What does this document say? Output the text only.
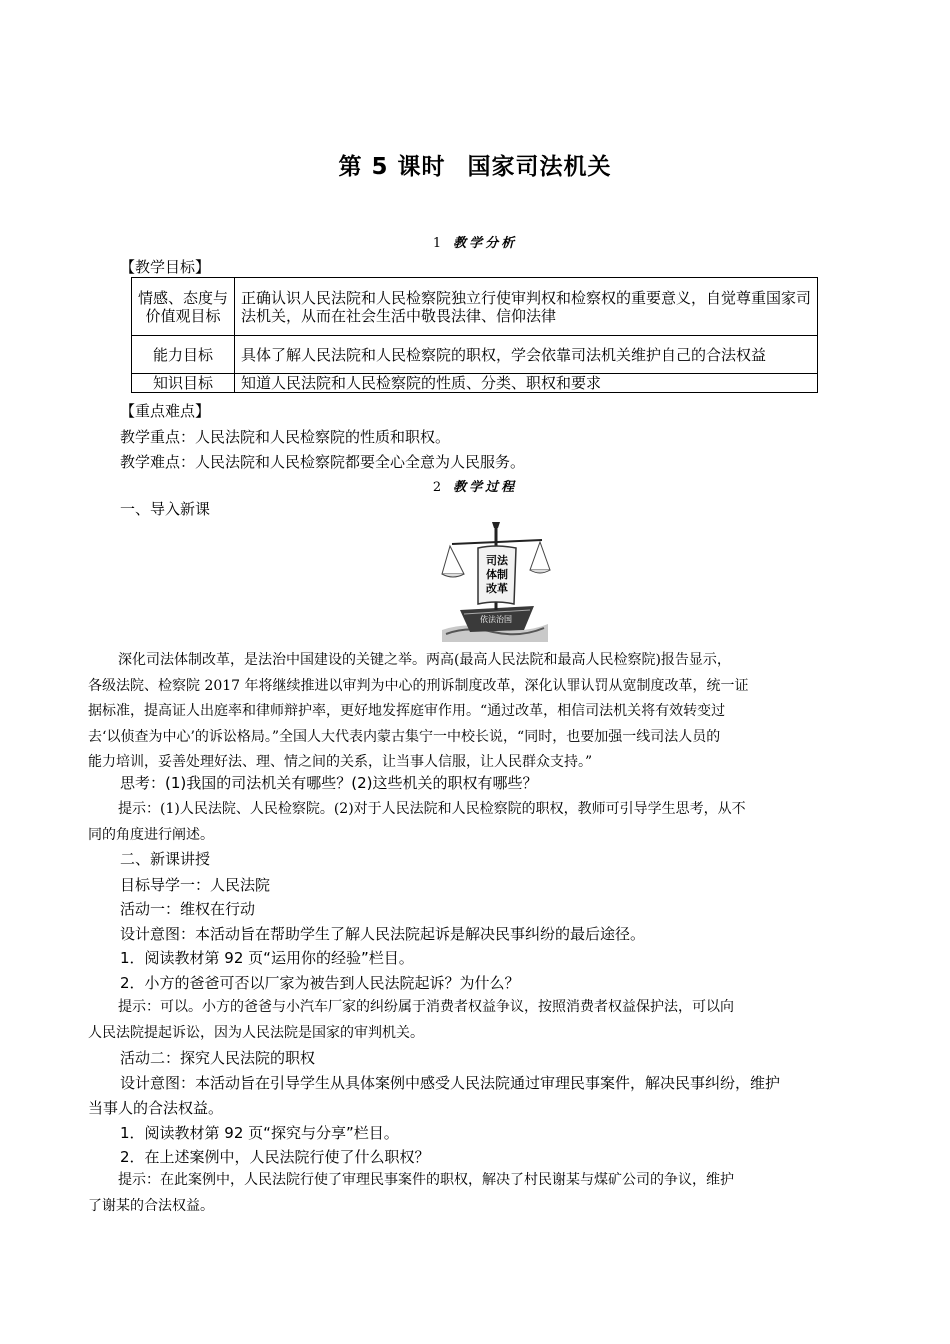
第 5 课时 国家司法机关
1 教学分析
【教学目标】
情感、态度与价值观目标	正确认识人民法院和人民检察院独立行使审判权和检察权的重要意义，自觉尊重国家司法机关，从而在社会生活中敬畏法律、信仰法律
能力目标	具体了解人民法院和人民检察院的职权，学会依靠司法机关维护自己的合法权益
知识目标	知道人民法院和人民检察院的性质、分类、职权和要求
【重点难点】
教学重点：人民法院和人民检察院的性质和职权。
教学难点：人民法院和人民检察院都要全心全意为人民服务。
2 教学过程
一、导入新课
司法
体制
改革
依法治国
深化司法体制改革，是法治中国建设的关键之举。两高(最高人民法院和最高人民检察院)报告显示，
各级法院、检察院 2017 年将继续推进以审判为中心的刑诉制度改革，深化认罪认罚从宽制度改革，统一证
据标准，提高证人出庭率和律师辩护率，更好地发挥庭审作用。“通过改革，相信司法机关将有效转变过
去‘以侦查为中心’的诉讼格局。”全国人大代表内蒙古集宁一中校长说，“同时，也要加强一线司法人员的
能力培训，妥善处理好法、理、情之间的关系，让当事人信服，让人民群众支持。”
思考：(1)我国的司法机关有哪些？(2)这些机关的职权有哪些？
提示：(1)人民法院、人民检察院。(2)对于人民法院和人民检察院的职权，教师可引导学生思考，从不
同的角度进行阐述。
二、新课讲授
目标导学一：人民法院
活动一：维权在行动
设计意图：本活动旨在帮助学生了解人民法院起诉是解决民事纠纷的最后途径。
1．阅读教材第 92 页“运用你的经验”栏目。
2．小方的爸爸可否以厂家为被告到人民法院起诉？为什么？
提示：可以。小方的爸爸与小汽车厂家的纠纷属于消费者权益争议，按照消费者权益保护法，可以向
人民法院提起诉讼，因为人民法院是国家的审判机关。
活动二：探究人民法院的职权
设计意图：本活动旨在引导学生从具体案例中感受人民法院通过审理民事案件，解决民事纠纷，维护
当事人的合法权益。
1．阅读教材第 92 页“探究与分享”栏目。
2．在上述案例中，人民法院行使了什么职权？
提示：在此案例中，人民法院行使了审理民事案件的职权，解决了村民谢某与煤矿公司的争议，维护
了谢某的合法权益。
